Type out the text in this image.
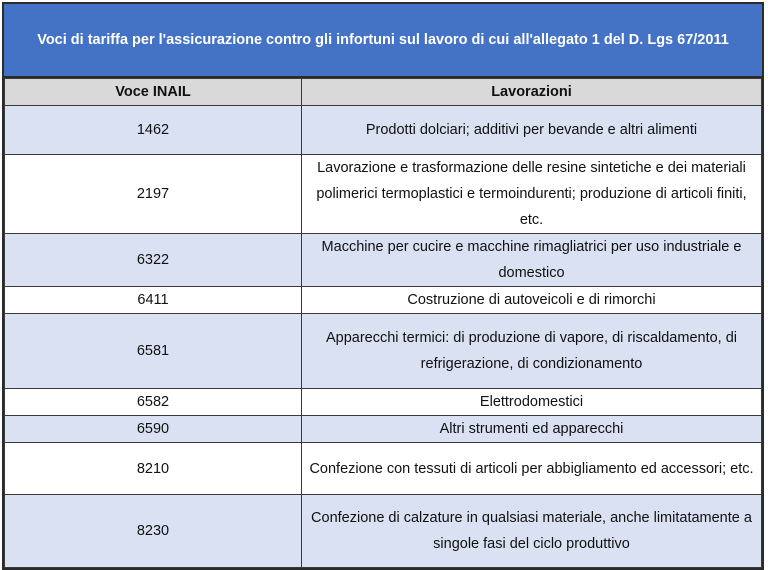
Voci di tariffa per l'assicurazione contro gli infortuni sul lavoro di cui all'allegato 1 del D. Lgs 67/2011
Voce INAIL	Lavorazioni
1462	Prodotti dolciari; additivi per bevande e altri alimenti
2197	Lavorazione e trasformazione delle resine sintetiche e dei materiali polimerici termoplastici e termoindurenti; produzione di articoli finiti, etc.
6322	Macchine per cucire e macchine rimagliatrici per uso industriale e domestico
6411	Costruzione di autoveicoli e di rimorchi
6581	Apparecchi termici: di produzione di vapore, di riscaldamento, di refrigerazione, di condizionamento
6582	Elettrodomestici
6590	Altri strumenti ed apparecchi
8210	Confezione con tessuti di articoli per abbigliamento ed accessori; etc.
8230	Confezione di calzature in qualsiasi materiale, anche limitatamente a singole fasi del ciclo produttivo
